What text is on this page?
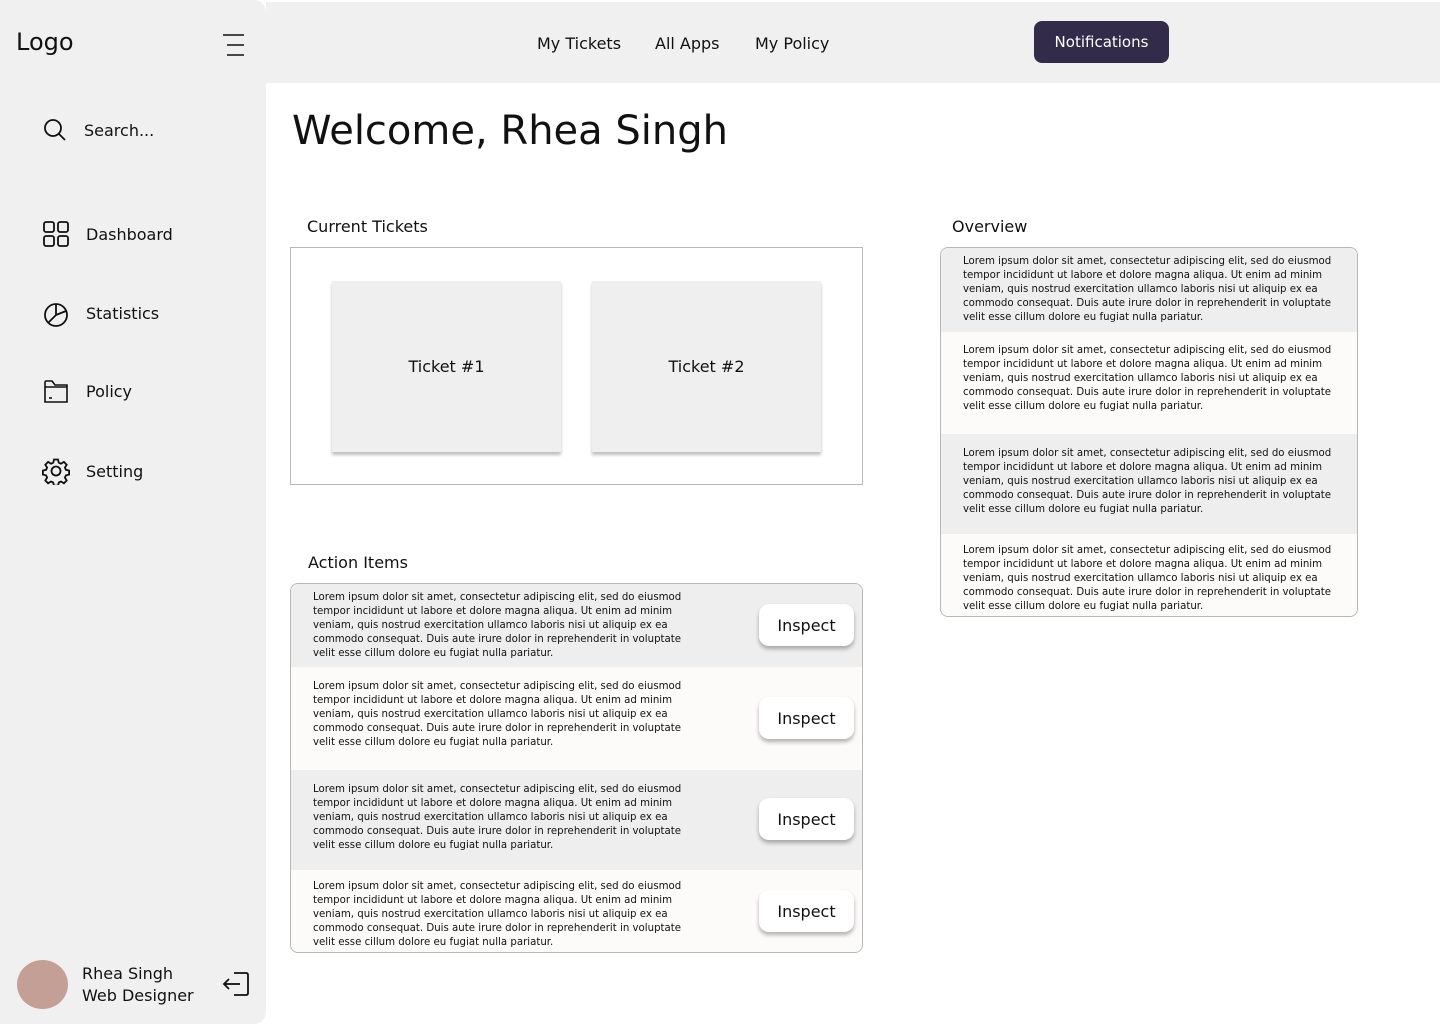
Logo
Search...
Dashboard
Statistics
Policy
Setting
Rhea Singh
Web Designer
My Tickets All Apps My Policy	Notifications
Welcome, Rhea Singh
Current Tickets
Ticket #1	Ticket #2
Action Items

Lorem ipsum dolor sit amet, consectetur adipiscing elit, sed do eiusmod tempor incididunt ut labore et dolore magna aliqua. Ut enim ad minim veniam, quis nostrud exercitation ullamco laboris nisi ut aliquip ex ea commodo consequat. Duis aute irure dolor in reprehenderit in voluptate velit esse cillum dolore eu fugiat nulla pariatur.

Inspect

Lorem ipsum dolor sit amet, consectetur adipiscing elit, sed do eiusmod tempor incididunt ut labore et dolore magna aliqua. Ut enim ad minim veniam, quis nostrud exercitation ullamco laboris nisi ut aliquip ex ea commodo consequat. Duis aute irure dolor in reprehenderit in voluptate velit esse cillum dolore eu fugiat nulla pariatur.

Inspect

Lorem ipsum dolor sit amet, consectetur adipiscing elit, sed do eiusmod tempor incididunt ut labore et dolore magna aliqua. Ut enim ad minim veniam, quis nostrud exercitation ullamco laboris nisi ut aliquip ex ea commodo consequat. Duis aute irure dolor in reprehenderit in voluptate velit esse cillum dolore eu fugiat nulla pariatur.

Inspect

Lorem ipsum dolor sit amet, consectetur adipiscing elit, sed do eiusmod tempor incididunt ut labore et dolore magna aliqua. Ut enim ad minim veniam, quis nostrud exercitation ullamco laboris nisi ut aliquip ex ea commodo consequat. Duis aute irure dolor in reprehenderit in voluptate velit esse cillum dolore eu fugiat nulla pariatur.

Inspect
Overview

Lorem ipsum dolor sit amet, consectetur adipiscing elit, sed do eiusmod tempor incididunt ut labore et dolore magna aliqua. Ut enim ad minim veniam, quis nostrud exercitation ullamco laboris nisi ut aliquip ex ea commodo consequat. Duis aute irure dolor in reprehenderit in voluptate velit esse cillum dolore eu fugiat nulla pariatur.

Lorem ipsum dolor sit amet, consectetur adipiscing elit, sed do eiusmod tempor incididunt ut labore et dolore magna aliqua. Ut enim ad minim veniam, quis nostrud exercitation ullamco laboris nisi ut aliquip ex ea commodo consequat. Duis aute irure dolor in reprehenderit in voluptate velit esse cillum dolore eu fugiat nulla pariatur.

Lorem ipsum dolor sit amet, consectetur adipiscing elit, sed do eiusmod tempor incididunt ut labore et dolore magna aliqua. Ut enim ad minim veniam, quis nostrud exercitation ullamco laboris nisi ut aliquip ex ea commodo consequat. Duis aute irure dolor in reprehenderit in voluptate velit esse cillum dolore eu fugiat nulla pariatur.

Lorem ipsum dolor sit amet, consectetur adipiscing elit, sed do eiusmod tempor incididunt ut labore et dolore magna aliqua. Ut enim ad minim veniam, quis nostrud exercitation ullamco laboris nisi ut aliquip ex ea commodo consequat. Duis aute irure dolor in reprehenderit in voluptate velit esse cillum dolore eu fugiat nulla pariatur.
